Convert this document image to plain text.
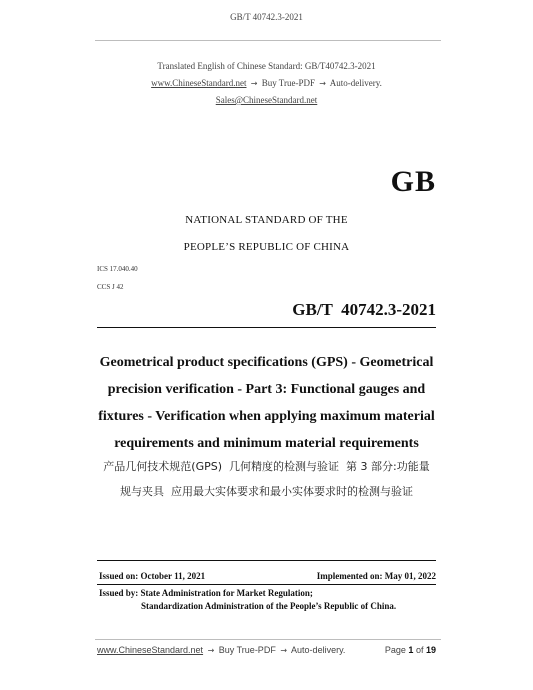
GB/T 40742.3-2021
Translated English of Chinese Standard: GB/T40742.3-2021
www.ChineseStandard.net → Buy True-PDF → Auto-delivery.
Sales@ChineseStandard.net
GB
NATIONAL STANDARD OF THE
PEOPLE’S REPUBLIC OF CHINA
ICS 17.040.40
CCS J 42
GB/T  40742.3-2021
Geometrical product specifications (GPS) - Geometrical
precision verification - Part 3: Functional gauges and
fixtures - Verification when applying maximum material
requirements and minimum material requirements
产品几何技术规范(GPS)  几何精度的检测与验证  第 3 部分:功能量
规与夹具  应用最大实体要求和最小实体要求时的检测与验证
Issued on: October 11, 2021	Implemented on: May 01, 2022
Issued by: State Administration for Market Regulation;
Standardization Administration of the People’s Republic of China.
www.ChineseStandard.net → Buy True-PDF → Auto-delivery.	Page 1 of 19
